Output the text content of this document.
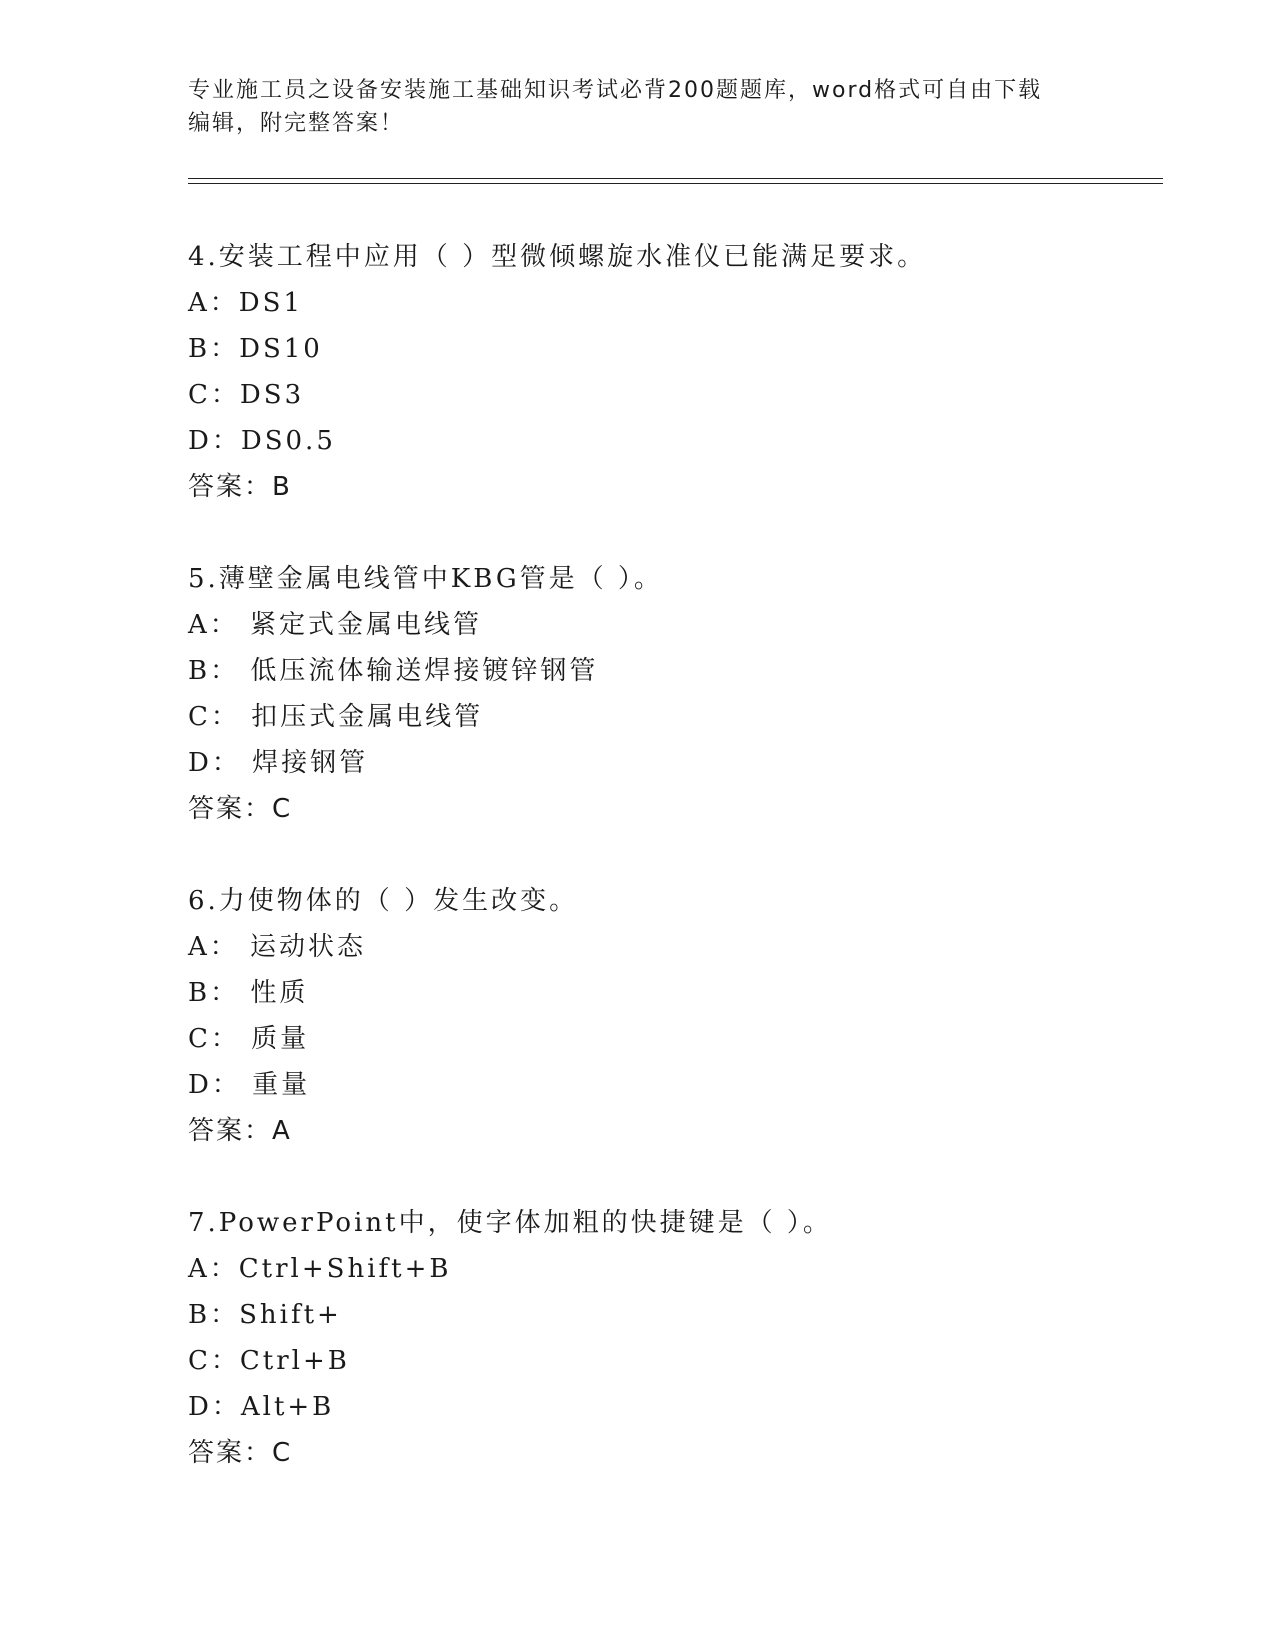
专业施工员之设备安装施工基础知识考试必背200题题库，word格式可自由下载
编辑，附完整答案！
4.安装工程中应用（ ）型微倾螺旋水准仪已能满足要求。
A：DS1
B：DS10
C：DS3
D：DS0.5
答案：B
5.薄壁金属电线管中KBG管是（ ）。
A： 紧定式金属电线管
B： 低压流体输送焊接镀锌钢管
C： 扣压式金属电线管
D： 焊接钢管
答案：C
6.力使物体的（ ）发生改变。
A： 运动状态
B： 性质
C： 质量
D： 重量
答案：A
7.PowerPoint中，使字体加粗的快捷键是（ ）。
A：Ctrl+Shift+B
B：Shift+
C：Ctrl+B
D：Alt+B
答案：C
